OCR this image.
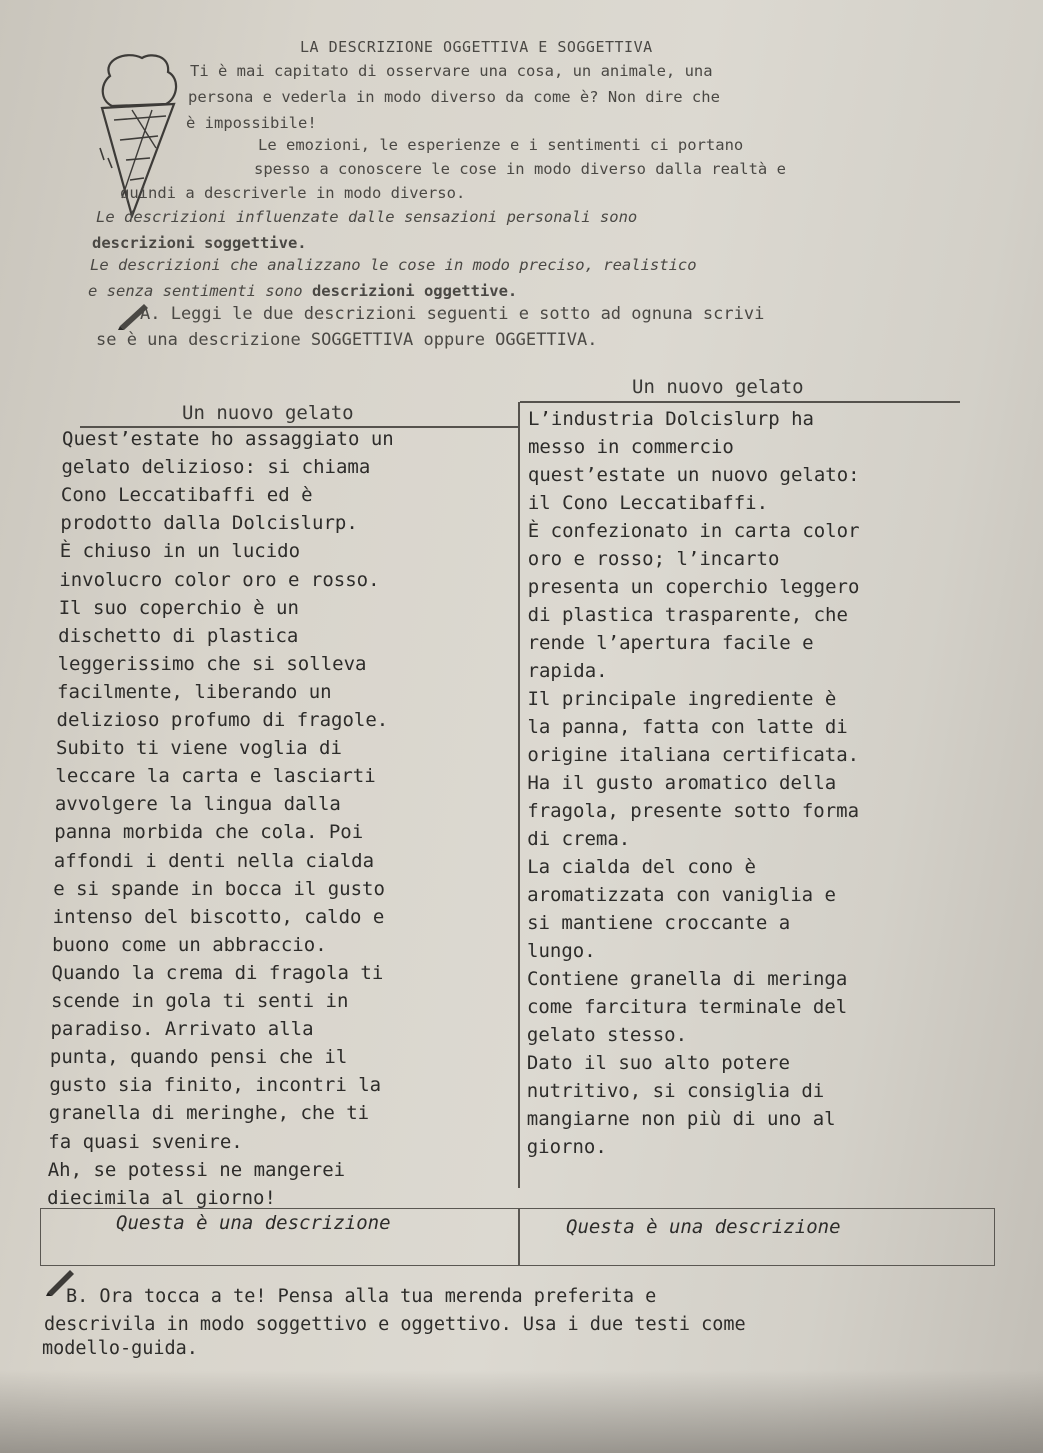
LA DESCRIZIONE OGGETTIVA E SOGGETTIVA
Ti è mai capitato di osservare una cosa, un animale, una
persona e vederla in modo diverso da come è? Non dire che
è impossibile!
Le emozioni, le esperienze e i sentimenti ci portano
spesso a conoscere le cose in modo diverso dalla realtà e
quindi a descriverle in modo diverso.
Le descrizioni influenzate dalle sensazioni personali sono
descrizioni soggettive.
Le descrizioni che analizzano le cose in modo preciso, realistico
e senza sentimenti sono descrizioni oggettive.
A. Leggi le due descrizioni seguenti e sotto ad ognuna scrivi
se è una descrizione SOGGETTIVA oppure OGGETTIVA.
Un nuovo gelato
Un nuovo gelato
Quest’estate ho assaggiato un
gelato delizioso: si chiama
Cono Leccatibaffi ed è
prodotto dalla Dolcislurp.
È chiuso in un lucido
involucro color oro e rosso.
Il suo coperchio è un
dischetto di plastica
leggerissimo che si solleva
facilmente, liberando un
delizioso profumo di fragole.
Subito ti viene voglia di
leccare la carta e lasciarti
avvolgere la lingua dalla
panna morbida che cola. Poi
affondi i denti nella cialda
e si spande in bocca il gusto
intenso del biscotto, caldo e
buono come un abbraccio.
Quando la crema di fragola ti
scende in gola ti senti in
paradiso. Arrivato alla
punta, quando pensi che il
gusto sia finito, incontri la
granella di meringhe, che ti
fa quasi svenire.
Ah, se potessi ne mangerei
diecimila al giorno!
L’industria Dolcislurp ha
messo in commercio
quest’estate un nuovo gelato:
il Cono Leccatibaffi.
È confezionato in carta color
oro e rosso; l’incarto
presenta un coperchio leggero
di plastica trasparente, che
rende l’apertura facile e
rapida.
Il principale ingrediente è
la panna, fatta con latte di
origine italiana certificata.
Ha il gusto aromatico della
fragola, presente sotto forma
di crema.
La cialda del cono è
aromatizzata con vaniglia e
si mantiene croccante a
lungo.
Contiene granella di meringa
come farcitura terminale del
gelato stesso.
Dato il suo alto potere
nutritivo, si consiglia di
mangiarne non più di uno al
giorno.
Questa è una descrizione	Questa è una descrizione
B. Ora tocca a te! Pensa alla tua merenda preferita e
descrivila in modo soggettivo e oggettivo. Usa i due testi come
modello-guida.
